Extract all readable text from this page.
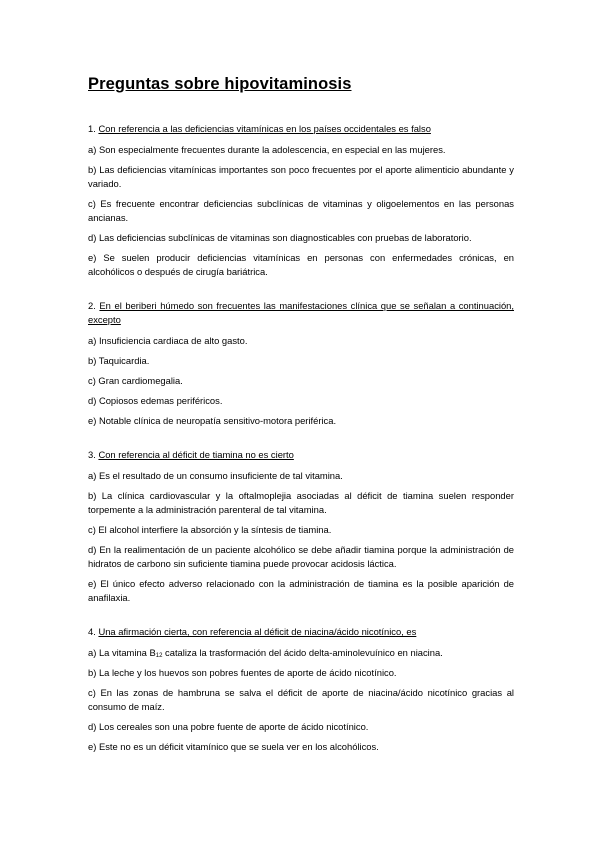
Preguntas sobre hipovitaminosis

1. Con referencia a las deficiencias vitamínicas en los países occidentales es falso

a) Son especialmente frecuentes durante la adolescencia, en especial en las mujeres.

b) Las deficiencias vitamínicas importantes son poco frecuentes por el aporte alimenticio abundante y variado.

c) Es frecuente encontrar deficiencias subclínicas de vitaminas y oligoelementos en las personas ancianas.

d) Las deficiencias subclínicas de vitaminas son diagnosticables con pruebas de laboratorio.

e) Se suelen producir deficiencias vitamínicas en personas con enfermedades crónicas, en alcohólicos o después de cirugía bariátrica.

2. En el beriberi húmedo son frecuentes las manifestaciones clínica que se señalan a continuación, excepto

a) Insuficiencia cardiaca de alto gasto.

b) Taquicardia.

c) Gran cardiomegalia.

d) Copiosos edemas periféricos.

e) Notable clínica de neuropatía sensitivo-motora periférica.

3. Con referencia al déficit de tiamina no es cierto

a) Es el resultado de un consumo insuficiente de tal vitamina.

b) La clínica cardiovascular y la oftalmoplejia asociadas al déficit de tiamina suelen responder torpemente a la administración parenteral de tal vitamina.

c) El alcohol interfiere la absorción y la síntesis de tiamina.

d) En la realimentación de un paciente alcohólico se debe añadir tiamina porque la administración de hidratos de carbono sin suficiente tiamina puede provocar acidosis láctica.

e) El único efecto adverso relacionado con la administración de tiamina es la posible aparición de anafilaxia.

4. Una afirmación cierta, con referencia al déficit de niacina/ácido nicotínico, es

a) La vitamina $B_{12}$ cataliza la trasformación del ácido delta-aminolevuínico en niacina.

b) La leche y los huevos son pobres fuentes de aporte de ácido nicotínico.

c) En las zonas de hambruna se salva el déficit de aporte de niacina/ácido nicotínico gracias al consumo de maíz.

d) Los cereales son una pobre fuente de aporte de ácido nicotínico.

e) Este no es un déficit vitamínico que se suela ver en los alcohólicos.
